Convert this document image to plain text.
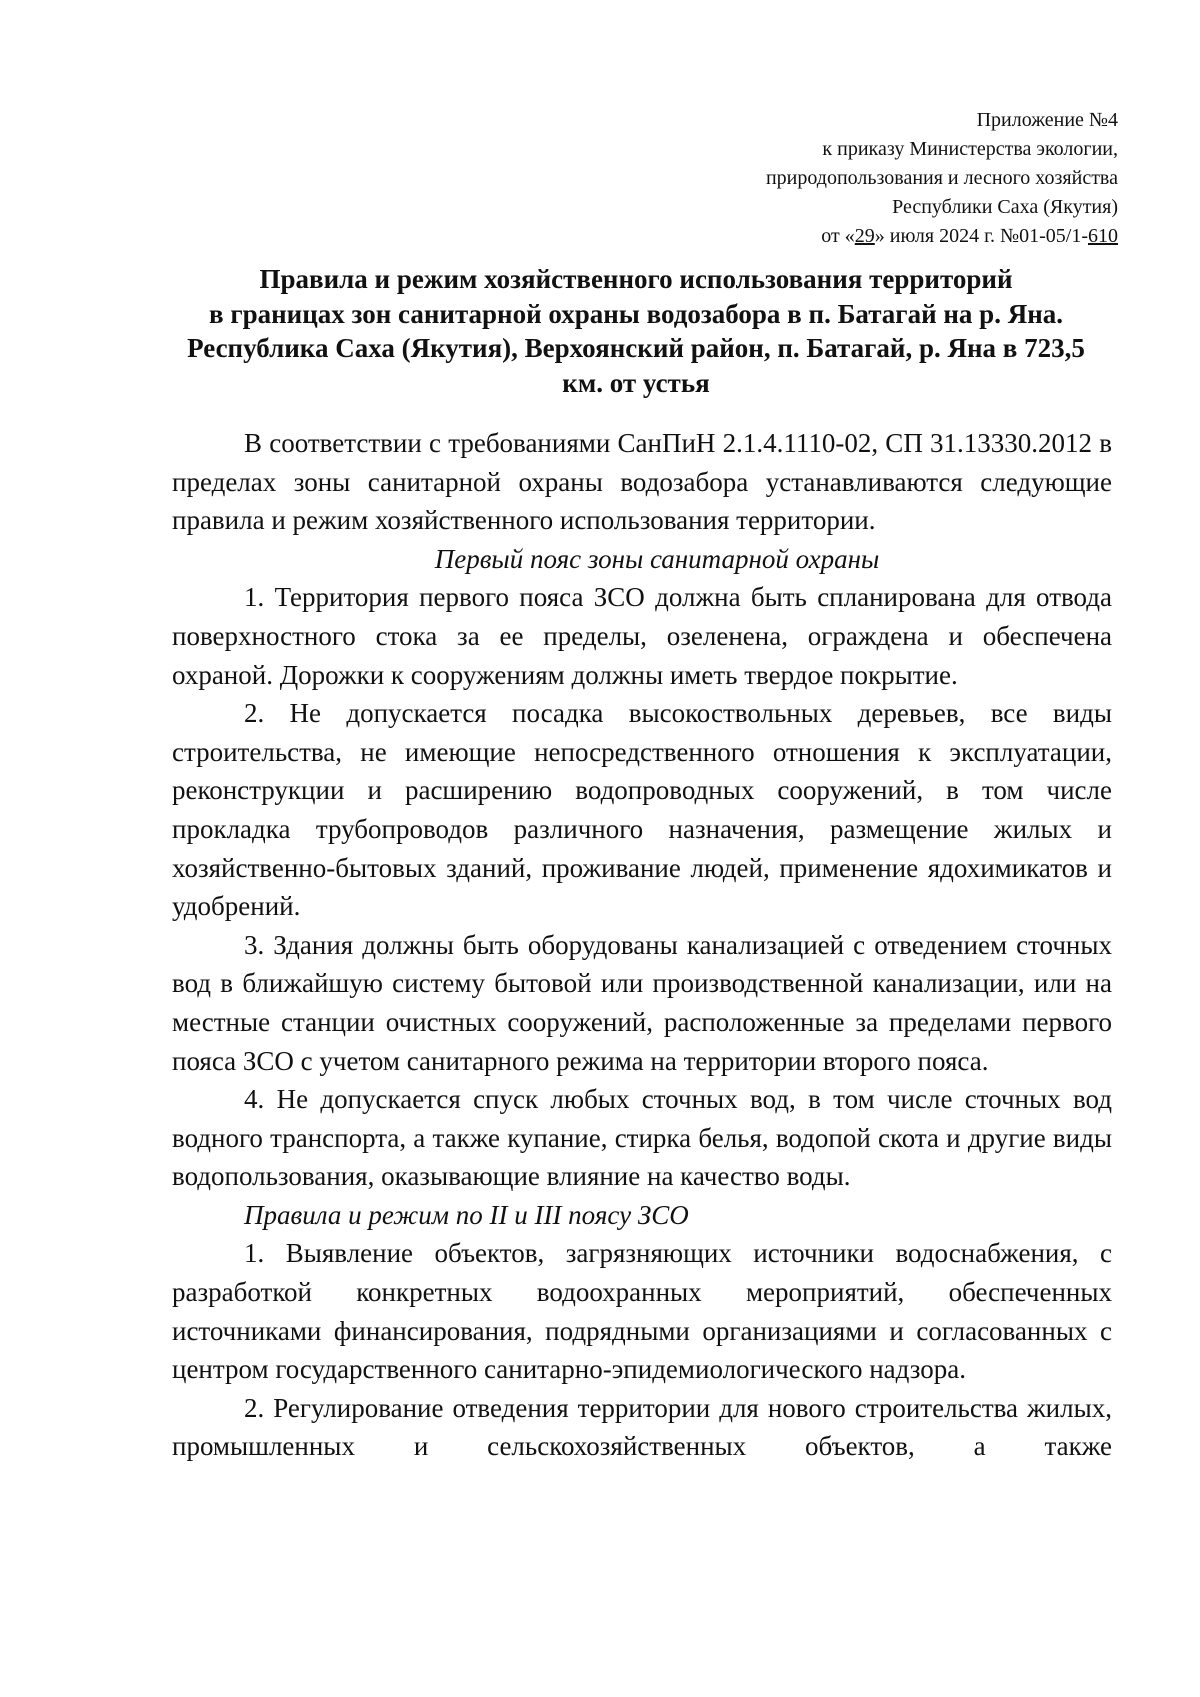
Приложение №4
к приказу Министерства экологии,
природопользования и лесного хозяйства
Республики Саха (Якутия)
от «29» июля 2024 г. №01-05/1-610
Правила и режим хозяйственного использования территорий
в границах зон санитарной охраны водозабора в п. Батагай на р. Яна.
Республика Саха (Якутия), Верхоянский район, п. Батагай, р. Яна в 723,5
км. от устья

В соответствии с требованиями СанПиН 2.1.4.1110-02, СП 31.13330.2012 в пределах зоны санитарной охраны водозабора устанавливаются следующие правила и режим хозяйственного использования территории.

Первый пояс зоны санитарной охраны

1. Территория первого пояса ЗСО должна быть спланирована для отвода поверхностного стока за ее пределы, озеленена, ограждена и обеспечена охраной. Дорожки к сооружениям должны иметь твердое покрытие.

2. Не допускается посадка высокоствольных деревьев, все виды строительства, не имеющие непосредственного отношения к эксплуатации, реконструкции и расширению водопроводных сооружений, в том числе прокладка трубопроводов различного назначения, размещение жилых и хозяйственно-бытовых зданий, проживание людей, применение ядохимикатов и удобрений.

3. Здания должны быть оборудованы канализацией с отведением сточных вод в ближайшую систему бытовой или производственной канализации, или на местные станции очистных сооружений, расположенные за пределами первого пояса ЗСО с учетом санитарного режима на территории второго пояса.

4. Не допускается спуск любых сточных вод, в том числе сточных вод водного транспорта, а также купание, стирка белья, водопой скота и другие виды водопользования, оказывающие влияние на качество воды.

Правила и режим по II и III поясу ЗСО

1. Выявление объектов, загрязняющих источники водоснабжения, с разработкой конкретных водоохранных мероприятий, обеспеченных источниками финансирования, подрядными организациями и согласованных с центром государственного санитарно-эпидемиологического надзора.

2. Регулирование отведения территории для нового строительства жилых, промышленных и сельскохозяйственных объектов, а также
